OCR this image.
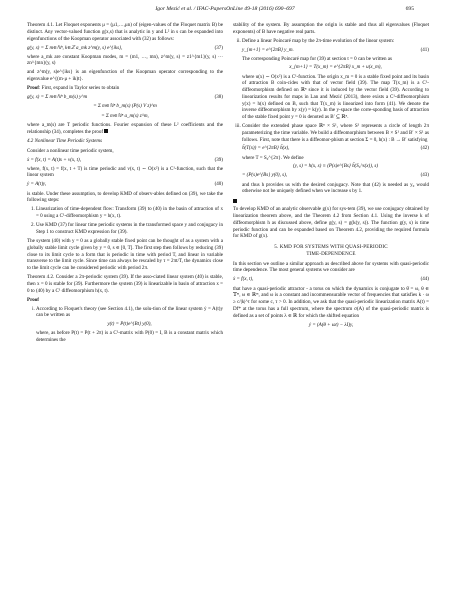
Igor Mezić et al. / IFAC-PapersOnLine 49-18 (2016) 690–697	695

Theorem 4.1. Let Floquet exponents μ = (μ1,…,μn) of (eigen-values of the Floquet matrix B) be distinct. Any vector-valued function g(x,s) that is analytic in y and L² in s can be expanded into eigenfunctions of the Koopman operator associated with (32) as follows:

g(y, s) = Σ m∈ℕⁿ, k∈ℤ a_mk z^m(y, s) e^{iks},	(37)

where a_mk are constant Koopman modes, m = (m1, …, mn), z^m(y, s) = z1^{m1}(y, s) ⋯ zn^{mn}(y, s)

and z^m(y, s)e^{iks} is an eigenfunction of the Koopman operator corresponding to the eigenvalue e^{(m·μ + ik)t}.

Proof: First, expand in Taylor series to obtain

g(y, s) = Σ m∈ℕⁿ b_m(s) y^m	(38)
= Σ m∈ℕⁿ b_m(s) (P(s) V z)^m
= Σ m∈ℕⁿ a_m(s) z^m,

where a_m(s) are T periodic functions. Fourier expansion of these L² coefficients and the relationship (34), completes the proof

4.2 Nonlinear Time Periodic Systems

Consider a nonlinear time periodic system,

ẋ = f(x, t) = A(t)x + v(x, t),	(39)

where, f(x, t) = f(x, t + T) is time periodic and v(x, t) ∼ O(x²) is a C¹-function, such that the linear system

ẏ = A(t)y,	(40)

is stable. Under these assumption, to develop KMD of observ-ables defined on (39), we take the following steps:

1. Linearization of time-dependent flow: Transform (39) to (40) in the basin of attraction of x = 0 using a C¹-diffeomorphism y = h(x, t).
2. Use KMD (37) for linear time periodic systems in the transformed space y and conjugacy in Step 1 to construct KMD expression for (39).

The system (40) with y = 0 as a globally stable fixed point can be thought of as a system with a globally stable limit cycle given by y = 0, s ∈ [0, T]. The first step then follows by reducing (39) close to its limit cycle to a form that is periodic in time with period T, and linear in variable transverse to the limit cycle. Since time can always be rescaled by τ = 2πt/T, the dynamics close to the limit cycle can be considered periodic with period 2π.

Theorem 4.2. Consider a 2π-periodic system (39). If the asso-ciated linear system (40) is stable, then x = 0 is stable for (39). Furthermore the system (39) is linearizable in basin of attraction x = 0 to (40) by a C¹ diffeomorphism h(x, t).

Proof

i. According to Floquet's theory (see Section 4.1), the solu-tion of the linear system ẏ = A(t)y can be written as
y(t) = P(t)e^{Bt} y(0),
where, as before P(t) = P(t + 2π) is a C¹-matrix with P(0) = I, B is a constant matrix which determines the

stability of the system. By assumption the origin is stable and thus all eigenvalues (Floquet exponents) of B have negative real parts.

ii. Define a linear Poincaré map by the 2π-time evolution of the linear system:
y_{m+1} = e^{2πB} y_m.	(41)
The corresponding Poincaré map for (39) at section t = 0 can be written as
x_{m+1} = T(x_m) = e^{2πB} x_m + u(x_m),
where u(x) ∼ O(x²) is a C¹-function. The origin x_m = 0 is a stable fixed point and its basin of attraction B coin-cides with that of vector field (39). The map T(x_m) is a C¹-diffeomorphism defined on ℝⁿ since it is induced by the vector field (39). According to linearization results for maps in Lan and Mezić (2013), there exists a C¹-diffeomorphism y(x) = h(x) defined on B, such that T(x_m) is linearized into form (41). We denote the inverse diffeomorphism by x(y) = k(y). In the y-space the corre-sponding basis of attraction of the stable fixed point y = 0 is denoted as B′ ⊆ ℝⁿ.
iii. Consider the extended phase space ℝⁿ × S¹, where S¹ represents a circle of length 2π parameterizing the time variable. We build a diffeomorphism between B × S¹ and B′ × S¹ as follows. First, note that there is a diffeomor-phism at section Σ = 0, h(x) : B → B′ satisfying
ĥ(T(x)) = e^{2πB} ĥ(x),	(42)
where T = S₀^{2π}. We define
(y, s) = h(x, s) ≡ (P(s)e^{Bs} ĥ(S₀^s(x)), s)
= (P(s)e^{Bs} y(0), s),	(43)
and thus h provides us with the desired conjugacy. Note that (42) is needed as y₀ would otherwise not be uniquely defined when we increase s by 1.

To develop KMD of an analytic observable g(x) for sys-tem (39), we use conjugacy obtained by linearization theorem above, and the Theorem 4.2 from Section 4.1. Using the inverse k of diffeomorphism h as discussed above, define g(y, s) = g(k(y, s)). The function g(y, s) is time periodic function and can be expanded based on Theorem 4.2, providing the required formula for KMD of g(x).

5. KMD FOR SYSTEMS WITH QUASI-PERIODIC
TIME-DEPENDENCE

In this section we outline a similar approach as described above for systems with quasi-periodic time dependence. The most general systems we consider are

ẋ = f(x, t),	(44)

that have a quasi-periodic attractor - a torus on which the dynamics is conjugate to θ̇ = ω, θ ∈ 𝕋ᵐ, ω ∈ ℝᵐ, and ω is a constant and incommensurable vector of frequencies that satisfies k · ω ≥ c/|k|^τ for some c, τ > 0. In addition, we ask that the quasi-periodic linearization matrix A(t) = Df* at the torus has a full spectrum, where the spectrum σ(A) of the quasi-periodic matrix is defined as a set of points λ ∈ ℝ for which the shifted equation

ẏ = (A(θ + ωt) − λI)y,
